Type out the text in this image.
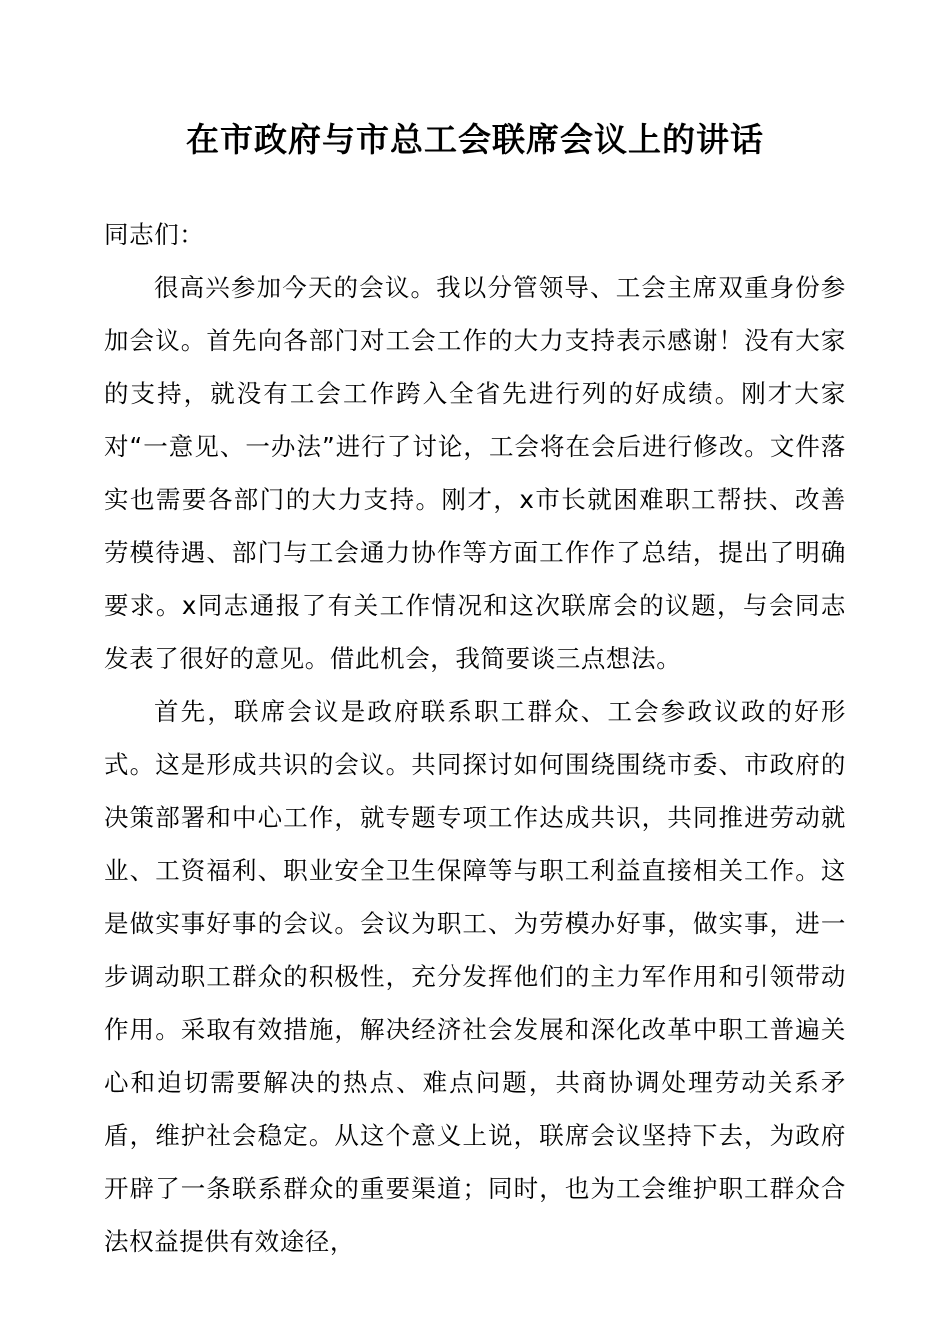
在市政府与市总工会联席会议上的讲话

同志们：

很高兴参加今天的会议。我以分管领导、工会主席双重身份参加会议。首先向各部门对工会工作的大力支持表示感谢！没有大家的支持，就没有工会工作跨入全省先进行列的好成绩。刚才大家对“一意见、一办法”进行了讨论，工会将在会后进行修改。文件落实也需要各部门的大力支持。刚才，x市长就困难职工帮扶、改善劳模待遇、部门与工会通力协作等方面工作作了总结，提出了明确要求。x同志通报了有关工作情况和这次联席会的议题，与会同志发表了很好的意见。借此机会，我简要谈三点想法。

首先，联席会议是政府联系职工群众、工会参政议政的好形式。这是形成共识的会议。共同探讨如何围绕围绕市委、市政府的决策部署和中心工作，就专题专项工作达成共识，共同推进劳动就业、工资福利、职业安全卫生保障等与职工利益直接相关工作。这是做实事好事的会议。会议为职工、为劳模办好事，做实事，进一步调动职工群众的积极性，充分发挥他们的主力军作用和引领带动作用。采取有效措施，解决经济社会发展和深化改革中职工普遍关心和迫切需要解决的热点、难点问题，共商协调处理劳动关系矛盾，维护社会稳定。从这个意义上说，联席会议坚持下去，为政府开辟了一条联系群众的重要渠道；同时，也为工会维护职工群众合法权益提供有效途径，
